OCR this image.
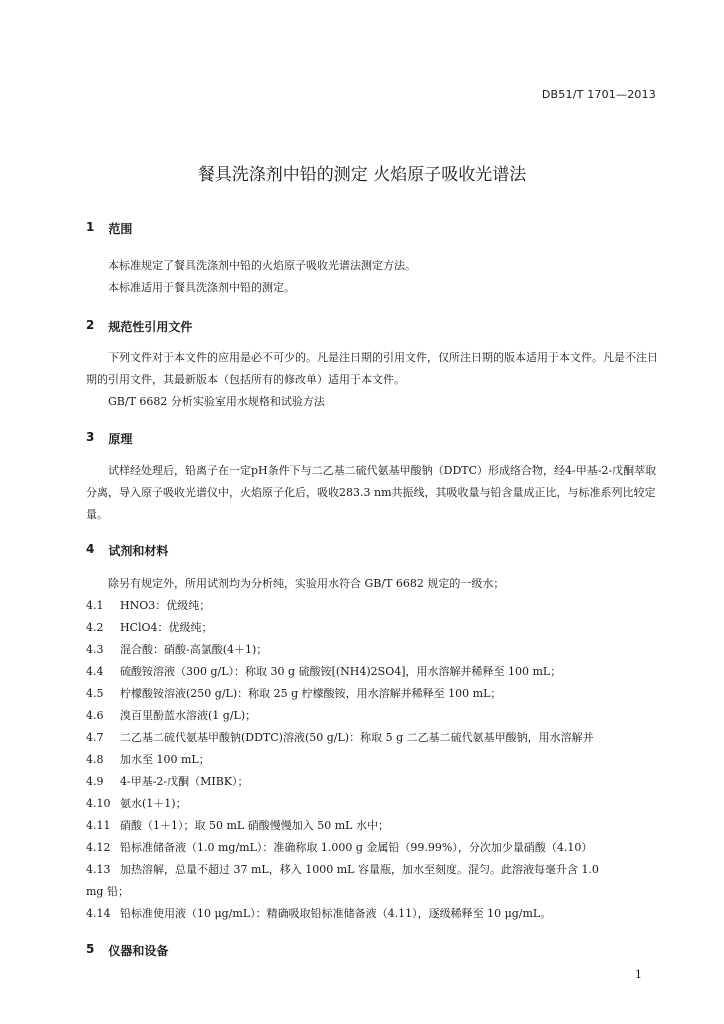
DB51/T 1701—2013
餐具洗涤剂中铅的测定 火焰原子吸收光谱法
1 范围

本标准规定了餐具洗涤剂中铅的火焰原子吸收光谱法测定方法。

本标准适用于餐具洗涤剂中铅的测定。

2 规范性引用文件

下列文件对于本文件的应用是必不可少的。凡是注日期的引用文件，仅所注日期的版本适用于本文件。凡是不注日期的引用文件，其最新版本（包括所有的修改单）适用于本文件。

GB/T 6682 分析实验室用水规格和试验方法

3 原理

试样经处理后，铅离子在一定pH条件下与二乙基二硫代氨基甲酸钠（DDTC）形成络合物，经4-甲基-2-戊酮萃取分离，导入原子吸收光谱仪中，火焰原子化后，吸收283.3 nm共振线，其吸收量与铅含量成正比，与标准系列比较定量。

4 试剂和材料

除另有规定外，所用试剂均为分析纯，实验用水符合 GB/T 6682 规定的一级水；

4.1	HNO3：优级纯；
4.2	HClO4：优级纯；
4.3	混合酸：硝酸-高氯酸(4＋1)；
4.4	硫酸铵溶液（300 g/L）：称取 30 g 硫酸铵[(NH4)2SO4]，用水溶解并稀释至 100 mL；
4.5	柠檬酸铵溶液(250 g/L)：称取 25 g 柠檬酸铵，用水溶解并稀释至 100 mL；
4.6	溴百里酚蓝水溶液(1 g/L)；
4.7	二乙基二硫代氨基甲酸钠(DDTC)溶液(50 g/L)：称取 5 g 二乙基二硫代氨基甲酸钠，用水溶解并
4.8	加水至 100 mL；
4.9	4-甲基-2-戊酮（MIBK）；
4.10 氨水(1＋1)；
4.11 硝酸（1＋1）；取 50 mL 硝酸慢慢加入 50 mL 水中；
4.12 铅标准储备液（1.0 mg/mL）：准确称取 1.000 g 金属铅（99.99%），分次加少量硝酸（4.10）
4.13 加热溶解，总量不超过 37 mL，移入 1000 mL 容量瓶，加水至刻度。混匀。此溶液每毫升含 1.0
mg 铅；
4.14 铅标准使用液（10 μg/mL）：精确吸取铅标准储备液（4.11），逐级稀释至 10 μg/mL。
5 仪器和设备
1
